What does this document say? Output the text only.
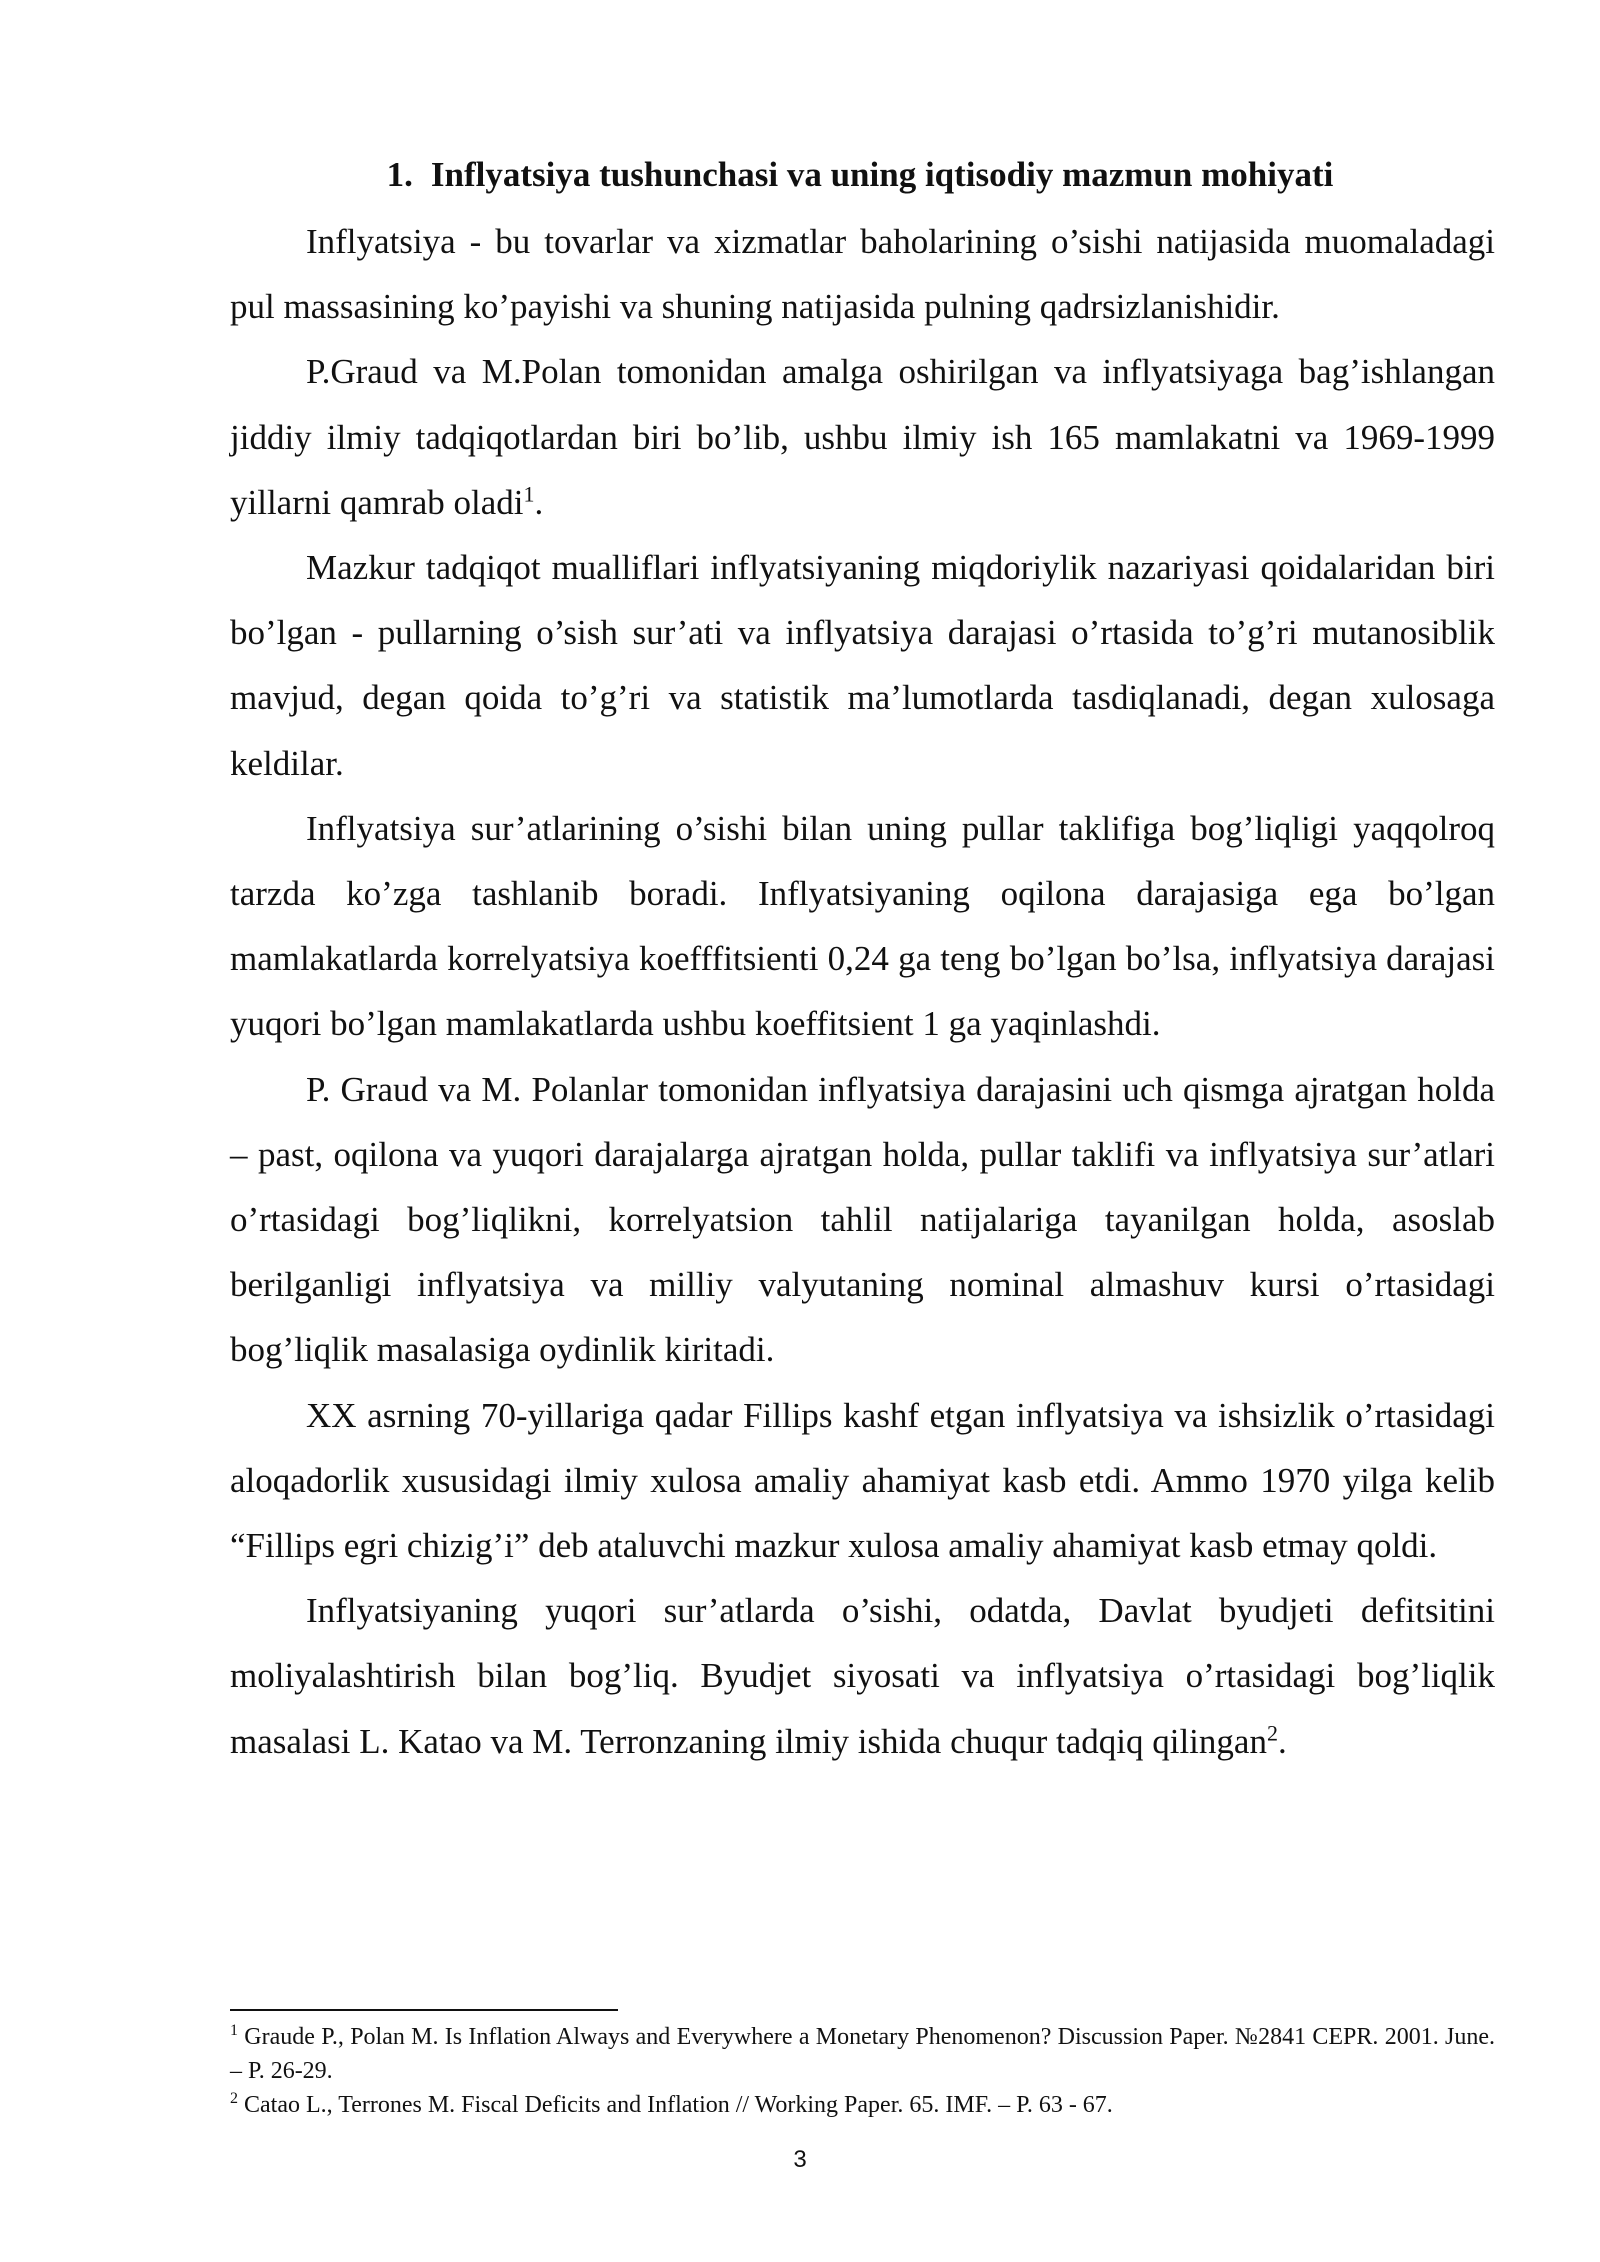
1. Inflyatsiya tushunchasi va uning iqtisodiy mazmun mohiyati

Inflyatsiya - bu tovarlar va xizmatlar baholarining o’sishi natijasida muomaladagi pul massasining ko’payishi va shuning natijasida pulning qadrsizlanishidir.

P.Graud va M.Polan tomonidan amalga oshirilgan va inflyatsiyaga bag’ishlangan jiddiy ilmiy tadqiqotlardan biri bo’lib, ushbu ilmiy ish 165 mamlakatni va 1969-1999 yillarni qamrab oladi$^1$.

Mazkur tadqiqot mualliflari inflyatsiyaning miqdoriylik nazariyasi qoidalaridan biri bo’lgan - pullarning o’sish sur’ati va inflyatsiya darajasi o’rtasida to’g’ri mutanosiblik mavjud, degan qoida to’g’ri va statistik ma’lumotlarda tasdiqlanadi, degan xulosaga keldilar.

Inflyatsiya sur’atlarining o’sishi bilan uning pullar taklifiga bog’liqligi yaqqolroq tarzda ko’zga tashlanib boradi. Inflyatsiyaning oqilona darajasiga ega bo’lgan mamlakatlarda korrelyatsiya koefffitsienti 0,24 ga teng bo’lgan bo’lsa, inflyatsiya darajasi yuqori bo’lgan mamlakatlarda ushbu koeffitsient 1 ga yaqinlashdi.

P. Graud va M. Polanlar tomonidan inflyatsiya darajasini uch qismga ajratgan holda – past, oqilona va yuqori darajalarga ajratgan holda, pullar taklifi va inflyatsiya sur’atlari o’rtasidagi bog’liqlikni, korrelyatsion tahlil natijalariga tayanilgan holda, asoslab berilganligi inflyatsiya va milliy valyutaning nominal almashuv kursi o’rtasidagi bog’liqlik masalasiga oydinlik kiritadi.

XX asrning 70-yillariga qadar Fillips kashf etgan inflyatsiya va ishsizlik o’rtasidagi aloqadorlik xususidagi ilmiy xulosa amaliy ahamiyat kasb etdi. Ammo 1970 yilga kelib “Fillips egri chizig’i” deb ataluvchi mazkur xulosa amaliy ahamiyat kasb etmay qoldi.

Inflyatsiyaning yuqori sur’atlarda o’sishi, odatda, Davlat byudjeti defitsitini moliyalashtirish bilan bog’liq. Byudjet siyosati va inflyatsiya o’rtasidagi bog’liqlik masalasi L. Katao va M. Terronzaning ilmiy ishida chuqur tadqiq qilingan$^2$.

$^1$ Graude P., Polan M. Is Inflation Always and Everywhere a Monetary Phenomenon? Discussion Paper. №2841 CEPR. 2001. June. – P. 26-29.

$^2$ Catao L., Terrones M. Fiscal Deficits and Inflation // Working Paper. 65. IMF. – P. 63 - 67.

3
